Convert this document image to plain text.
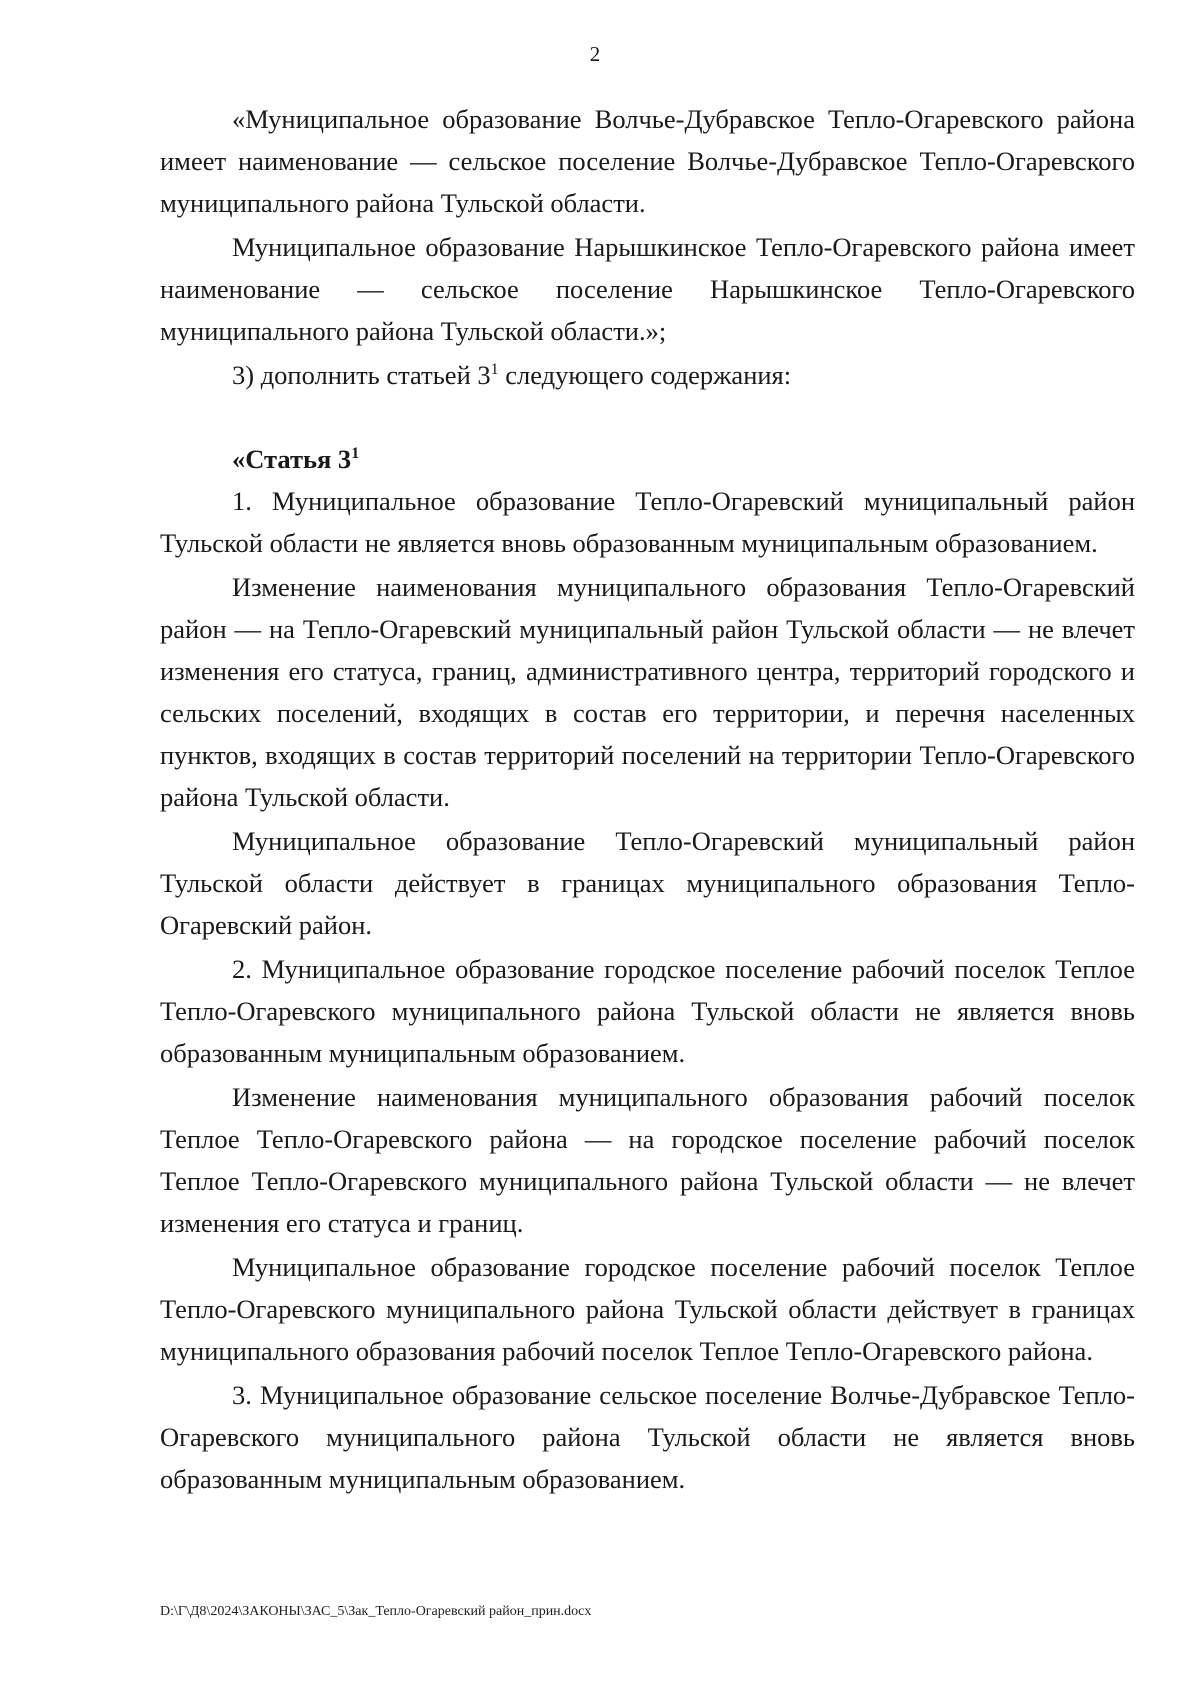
2

«Муниципальное образование Волчье-Дубравское Тепло-Огаревского района имеет наименование — сельское поселение Волчье-Дубравское Тепло-Огаревского муниципального района Тульской области.

Муниципальное образование Нарышкинское Тепло-Огаревского района имеет наименование — сельское поселение Нарышкинское Тепло-Огаревского муниципального района Тульской области.»;

3) дополнить статьей $3^1$ следующего содержания:

«Статья $3^1$

1. Муниципальное образование Тепло-Огаревский муниципальный район Тульской области не является вновь образованным муниципальным образованием.

Изменение наименования муниципального образования Тепло-Огаревский район — на Тепло-Огаревский муниципальный район Тульской области — не влечет изменения его статуса, границ, административного центра, территорий городского и сельских поселений, входящих в состав его территории, и перечня населенных пунктов, входящих в состав территорий поселений на территории Тепло-Огаревского района Тульской области.

Муниципальное образование Тепло-Огаревский муниципальный район Тульской области действует в границах муниципального образования Тепло-Огаревский район.

2. Муниципальное образование городское поселение рабочий поселок Теплое Тепло-Огаревского муниципального района Тульской области не является вновь образованным муниципальным образованием.

Изменение наименования муниципального образования рабочий поселок Теплое Тепло-Огаревского района — на городское поселение рабочий поселок Теплое Тепло-Огаревского муниципального района Тульской области — не влечет изменения его статуса и границ.

Муниципальное образование городское поселение рабочий поселок Теплое Тепло-Огаревского муниципального района Тульской области действует в границах муниципального образования рабочий поселок Теплое Тепло-Огаревского района.

3. Муниципальное образование сельское поселение Волчье-Дубравское Тепло-Огаревского муниципального района Тульской области не является вновь образованным муниципальным образованием.

D:\Г\Д8\2024\ЗАКОНЫ\ЗАС_5\Зак_Тепло-Огаревский район_прин.docx
